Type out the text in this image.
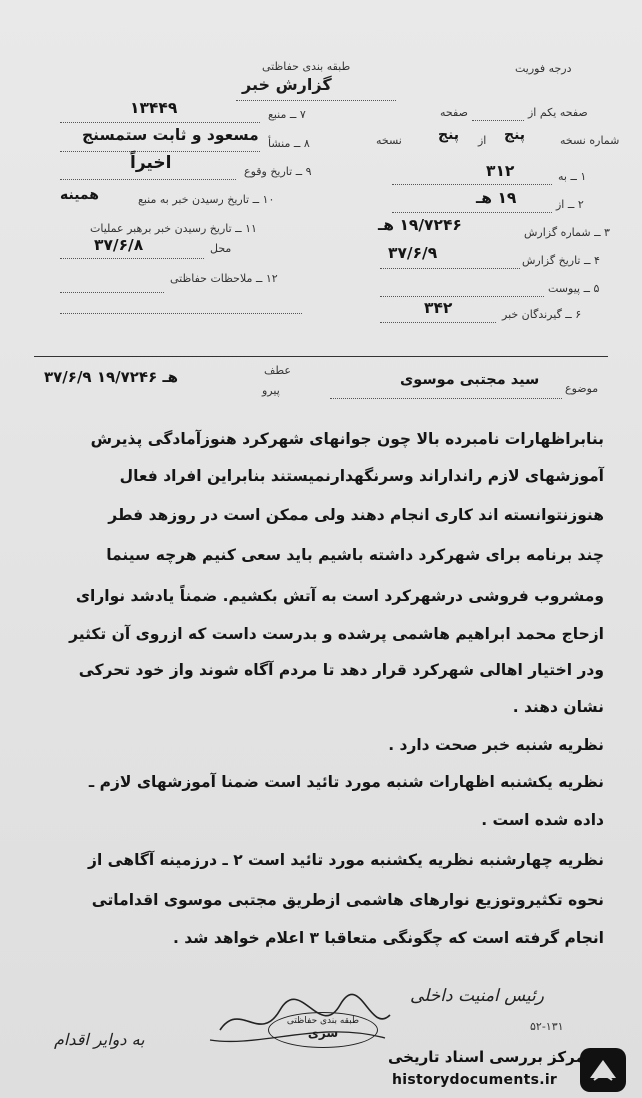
طبقه بندی حفاظتی	درجه فوریت
گزارش خبر
۷ ــ منبع
۱۳۴۴۹
۸ ــ منشأ
مسعود و ثابت ستمسنج
۹ ــ تاریخ وقوع
اخیراً
۱۰ ــ تاریخ رسیدن خبر به منبع
همینه
۱۱ ــ تاریخ رسیدن خبر برهبر عملیات
محل
۳۷/۶/۸
۱۲ ــ ملاحظات حفاظتی
صفحه یکم از
صفحه
شماره نسخه
پنج
از
پنج
نسخه
۱ ــ به
۳۱۲
۲ ــ از
۱۹ هـ
۳ ــ شماره گزارش
۱۹/۷۲۴۶ هـ
۴ ــ تاریخ گزارش
۳۷/۶/۹
۵ ــ پیوست
۶ ــ گیرندگان خبر
۳۴۲
عطف
پیرو
۳۷/۶/۹ هـ ۱۹/۷۲۴۶
موضوع
سید مجتبی موسوی
بنابراظهارات نامبرده بالا چون جوانهای شهرکرد هنوزآمادگی پذیرش
آموزشهای لازم رانداراند وسرنگهدارنمیستند بنابراین افراد فعال
هنوزنتوانسته اند کاری انجام دهند ولی ممکن است در روزهد فطر
چند برنامه برای شهرکرد داشته باشیم باید سعی کنیم هرچه سینما
ومشروب فروشی درشهرکرد است به آتش بکشیم. ضمناً یادشد نوارای
ازحاج محمد ابراهیم هاشمی پرشده و بدرست داست که ازروی آن تکثیر
ودر اختیار اهالی شهرکرد قرار دهد تا مردم آگاه شوند واز خود تحرکی
نشان دهند .
نظریه شنبه خبر صحت دارد .
نظریه یکشنبه اظهارات شنبه مورد تائید است ضمنا آموزشهای لازم ـ
داده شده است .
نظریه چهارشنبه نظریه یکشنبه مورد تائید است ۲ ـ درزمینه آگاهی از
نحوه تکثیروتوزیع نوارهای هاشمی ازطریق مجتبی موسوی اقداماتی
انجام گرفته است که چگونگی متعاقبا ۳ اعلام خواهد شد .
رئیس امنیت داخلی
طبقه بندی حفاظتی
سری
به دوایر اقدام
۵۲-۱۳۱
مرکز بررسی اسناد تاریخی
historydocuments.ir
